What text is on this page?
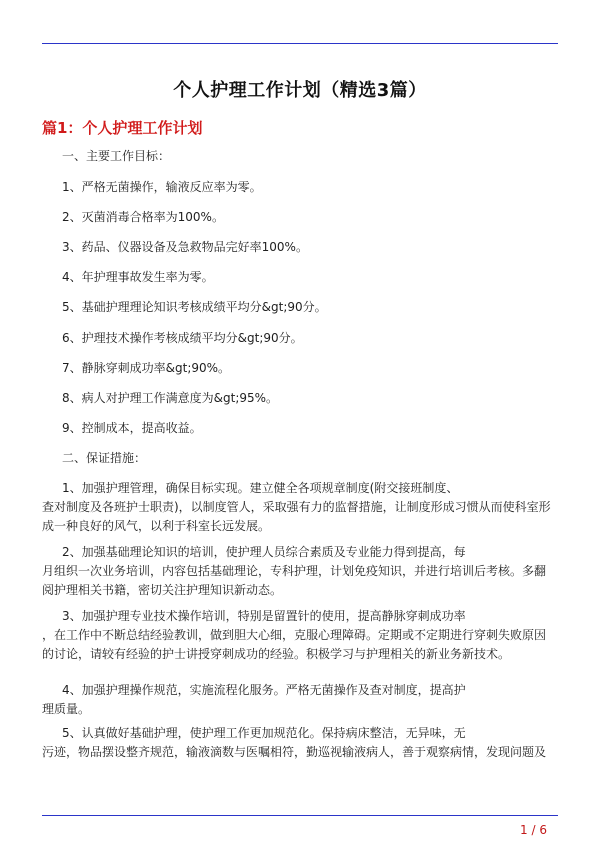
个人护理工作计划（精选3篇）
篇1：个人护理工作计划
一、主要工作目标：
1、严格无菌操作，输液反应率为零。
2、灭菌消毒合格率为100%。
3、药品、仪器设备及急救物品完好率100%。
4、年护理事故发生率为零。
5、基础护理理论知识考核成绩平均分&gt;90分。
6、护理技术操作考核成绩平均分&gt;90分。
7、静脉穿刺成功率&gt;90%。
8、病人对护理工作满意度为&gt;95%。
9、控制成本，提高收益。
二、保证措施：
1、加强护理管理，确保目标实现。建立健全各项规章制度(附交接班制度、
查对制度及各班护士职责)，以制度管人，采取强有力的监督措施，让制度形成习惯从而使科室形
成一种良好的风气，以利于科室长远发展。
2、加强基础理论知识的培训，使护理人员综合素质及专业能力得到提高，每
月组织一次业务培训，内容包括基础理论，专科护理，计划免疫知识，并进行培训后考核。多翻
阅护理相关书籍，密切关注护理知识新动态。
3、加强护理专业技术操作培训，特别是留置针的使用，提高静脉穿刺成功率
，在工作中不断总结经验教训，做到胆大心细，克服心理障碍。定期或不定期进行穿刺失败原因
的讨论，请较有经验的护士讲授穿刺成功的经验。积极学习与护理相关的新业务新技术。
4、加强护理操作规范，实施流程化服务。严格无菌操作及查对制度，提高护
理质量。
5、认真做好基础护理，使护理工作更加规范化。保持病床整洁，无异味，无
污迹，物品摆设整齐规范，输液滴数与医嘱相符，勤巡视输液病人，善于观察病情，发现问题及
1 / 6
